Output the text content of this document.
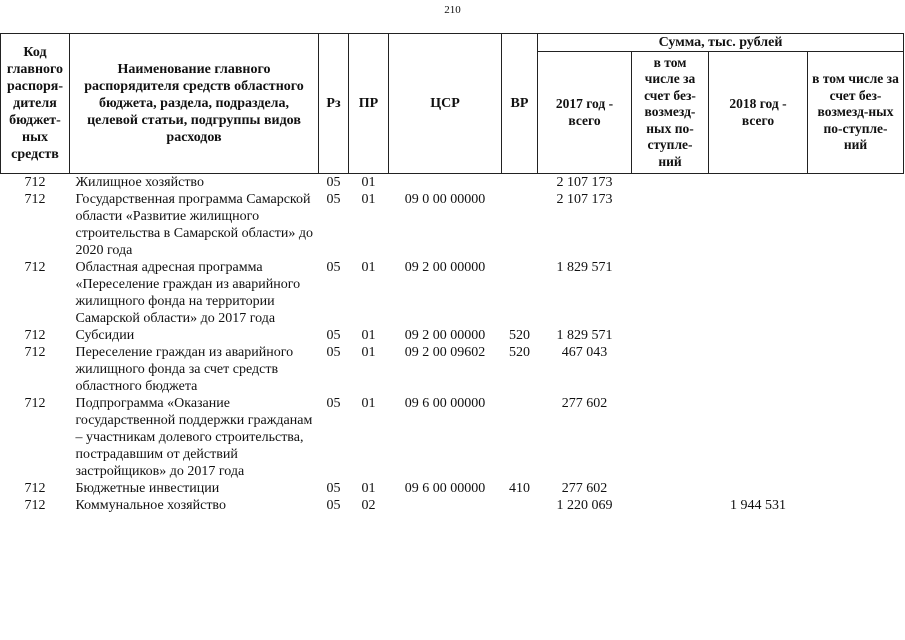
210
Код главного распоря-дителя бюджет-ных средств	Наименование главного распорядителя средств областного бюджета, раздела, подраздела, целевой статьи, подгруппы видов расходов	Рз	ПР	ЦСР	ВР	Сумма, тыс. рублей			
						2017 год - всего	в том числе за счет без-возмезд-ных по-ступле-ний	2018 год - всего	в том числе за счет без-возмезд-ных по-ступле-ний
712	Жилищное хозяйство	05	01			2 107 173			
712	Государственная программа Самарской области «Развитие жилищного строительства в Самарской области» до 2020 года	05	01	09 0 00 00000		2 107 173			
712	Областная адресная программа «Переселение граждан из аварийного жилищного фонда на территории Самарской области» до 2017 года	05	01	09 2 00 00000		1 829 571			
712	Субсидии	05	01	09 2 00 00000	520	1 829 571			
712	Переселение граждан из аварийного жилищного фонда за счет средств областного бюджета	05	01	09 2 00 09602	520	467 043			
712	Подпрограмма «Оказание государственной поддержки гражданам – участникам долевого строительства, пострадавшим от действий застройщиков» до 2017 года	05	01	09 6 00 00000		277 602			
712	Бюджетные инвестиции	05	01	09 6 00 00000	410	277 602			
712	Коммунальное хозяйство	05	02			1 220 069		1 944 531	
